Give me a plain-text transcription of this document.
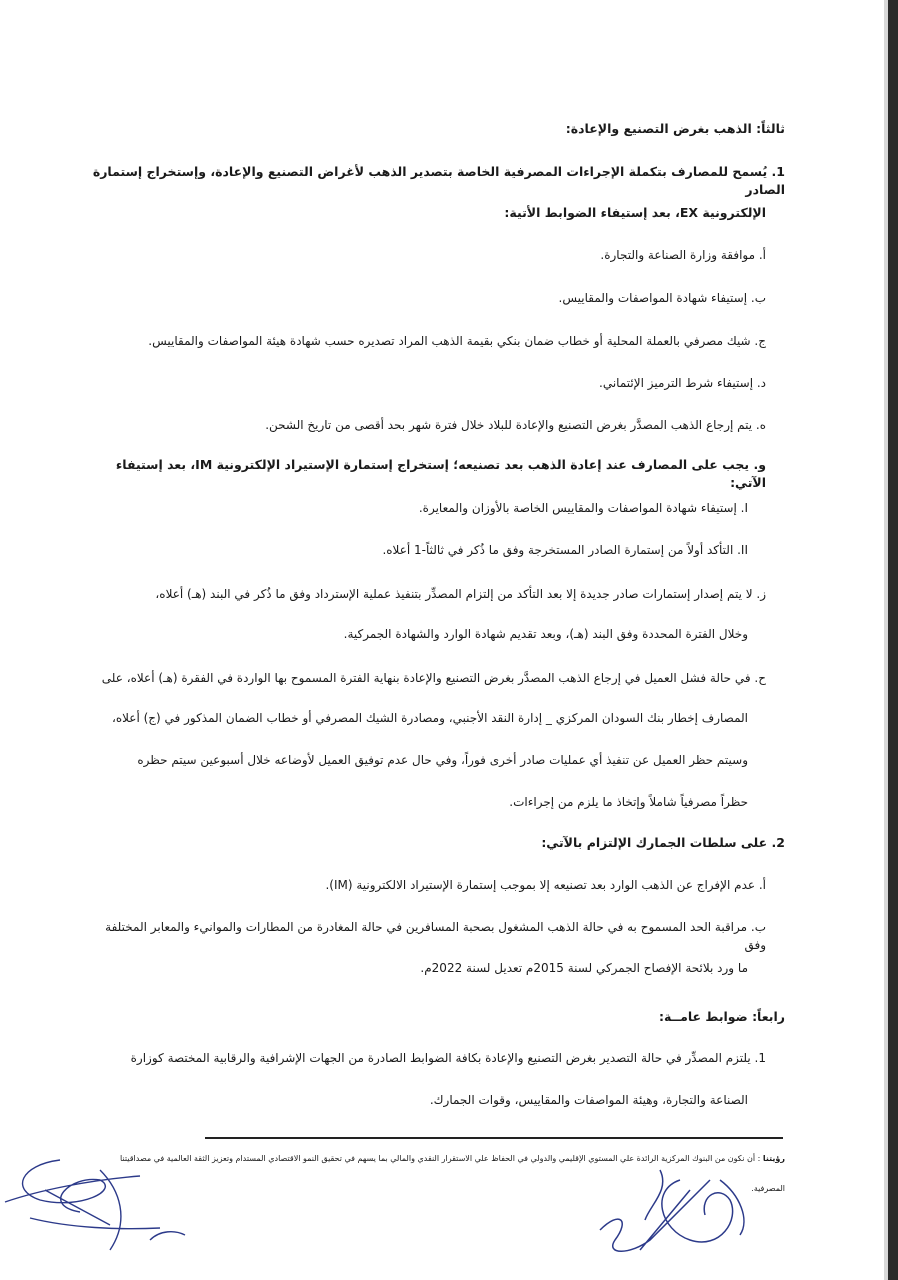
ثالثاً: الذهب بغرض التصنيع والإعادة:
1. يُسمح للمصارف بتكملة الإجراءات المصرفية الخاصة بتصدير الذهب لأغراض التصنيع والإعادة، وإستخراج إستمارة الصادر
الإلكترونية EX، بعد إستيفاء الضوابط الأتية:
أ. موافقة وزارة الصناعة والتجارة.
ب. إستيفاء شهادة المواصفات والمقاييس.
ج. شيك مصرفي بالعملة المحلية أو خطاب ضمان بنكي بقيمة الذهب المراد تصديره حسب شهادة هيئة المواصفات والمقاييس.
د. إستيفاء شرط الترميز الإئتماني.
ه. يتم إرجاع الذهب المصدَّر بغرض التصنيع والإعادة للبلاد خلال فترة شهر بحد أقصى من تاريخ الشحن.
و. يجب على المصارف عند إعادة الذهب بعد تصنيعه؛ إستخراج إستمارة الإستيراد الإلكترونية IM، بعد إستيفاء الآتي:
I. إستيفاء شهادة المواصفات والمقاييس الخاصة بالأوزان والمعايرة.
II. التأكد أولاً من إستمارة الصادر المستخرجة وفق ما ذُكر في ثالثاً-1 أعلاه.
ز. لا يتم إصدار إستمارات صادر جديدة إلا بعد التأكد من إلتزام المصدِّر بتنفيذ عملية الإسترداد وفق ما ذُكر في البند (هـ) أعلاه،
وخلال الفترة المحددة وفق البند (هـ)، وبعد تقديم شهادة الوارد والشهادة الجمركية.
ح. في حالة فشل العميل في إرجاع الذهب المصدَّر بغرض التصنيع والإعادة بنهاية الفترة المسموح بها الواردة في الفقرة (هـ) أعلاه، على
المصارف إخطار بنك السودان المركزي _ إدارة النقد الأجنبي، ومصادرة الشيك المصرفي أو خطاب الضمان المذكور في (ج) أعلاه،
وسيتم حظر العميل عن تنفيذ أي عمليات صادر أخرى فوراً، وفي حال عدم توفيق العميل لأوضاعه خلال أسبوعين سيتم حظره
حظراً مصرفياً شاملاً وإتخاذ ما يلزم من إجراءات.
2. على سلطات الجمارك الإلتزام بالآتي:
أ. عدم الإفراج عن الذهب الوارد بعد تصنيعه إلا بموجب إستمارة الإستيراد الالكترونية (IM).
ب. مراقبة الحد المسموح به في حالة الذهب المشغول بصحبة المسافرين في حالة المغادرة من المطارات والموانيء والمعابر المختلفة وفق
ما ورد بلائحة الإفصاح الجمركي لسنة 2015م تعديل لسنة 2022م.
رابعاً: ضوابط عامــة:
1. يلتزم المصدِّر في حالة التصدير بغرض التصنيع والإعادة بكافة الضوابط الصادرة من الجهات الإشرافية والرقابية المختصة كوزارة
الصناعة والتجارة، وهيئة المواصفات والمقاييس، وقوات الجمارك.
رؤيتنا : أن نكون من البنوك المركزية الرائدة علي المستوي الإقليمي والدولي في الحفاظ علي الاستقرار النقدي والمالي بما يسهم في تحقيق النمو الاقتصادي المستدام وتعزيز الثقة العالمية في مصداقيتنا
المصرفية.
